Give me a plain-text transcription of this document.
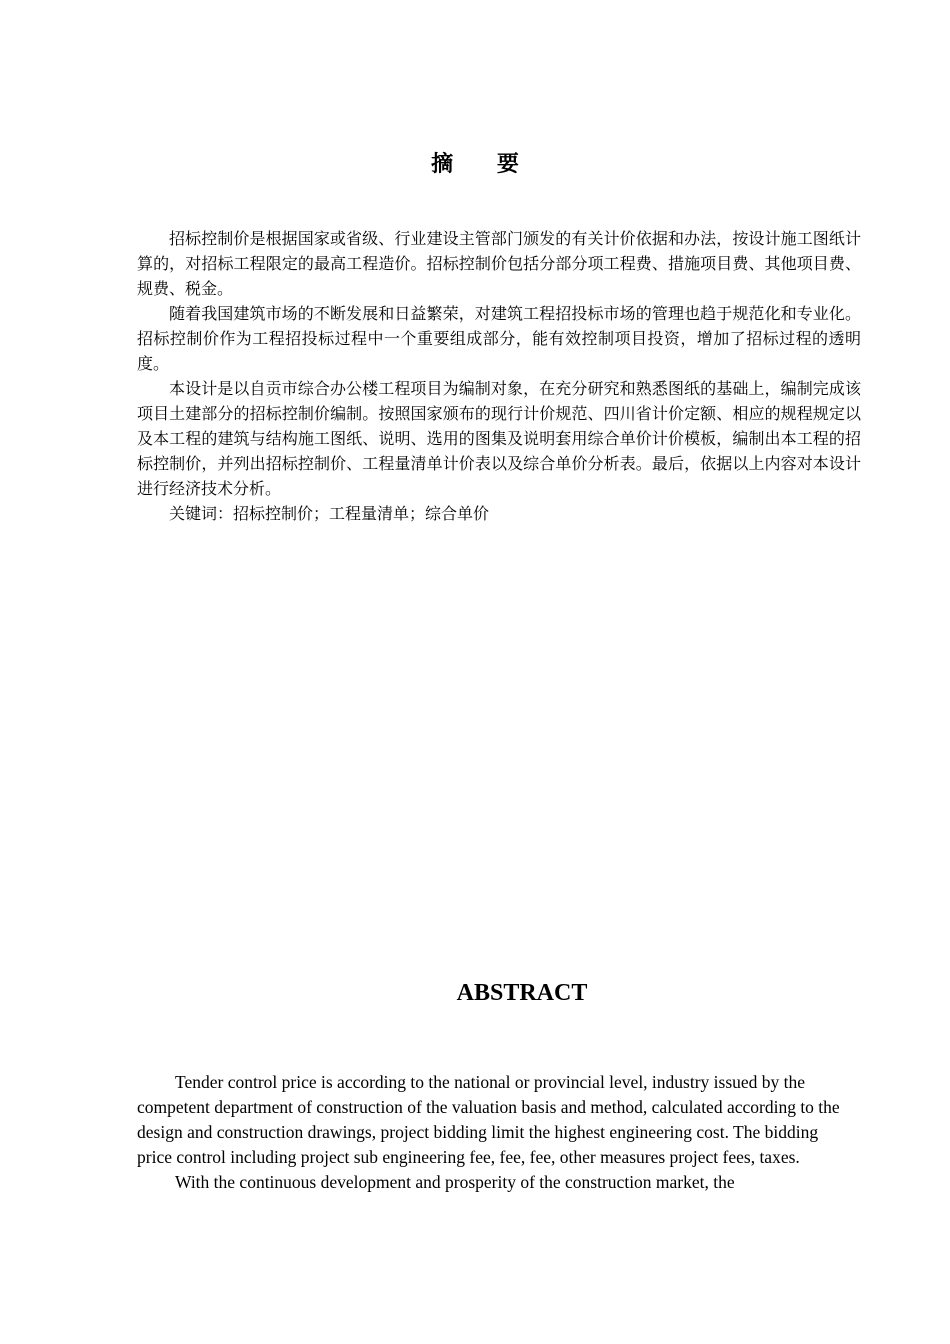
摘 要

招标控制价是根据国家或省级、行业建设主管部门颁发的有关计价依据和办法，按设计施工图纸计算的，对招标工程限定的最高工程造价。招标控制价包括分部分项工程费、措施项目费、其他项目费、规费、税金。

随着我国建筑市场的不断发展和日益繁荣，对建筑工程招投标市场的管理也趋于规范化和专业化。招标控制价作为工程招投标过程中一个重要组成部分，能有效控制项目投资，增加了招标过程的透明度。

本设计是以自贡市综合办公楼工程项目为编制对象，在充分研究和熟悉图纸的基础上，编制完成该项目土建部分的招标控制价编制。按照国家颁布的现行计价规范、四川省计价定额、相应的规程规定以及本工程的建筑与结构施工图纸、说明、选用的图集及说明套用综合单价计价模板，编制出本工程的招标控制价，并列出招标控制价、工程量清单计价表以及综合单价分析表。最后，依据以上内容对本设计进行经济技术分析。

关键词：招标控制价；工程量清单；综合单价

ABSTRACT

Tender control price is according to the national or provincial level, industry issued by the competent department of construction of the valuation basis and method, calculated according to the design and construction drawings, project bidding limit the highest engineering cost. The bidding price control including project sub engineering fee, fee, fee, other measures project fees, taxes.

With the continuous development and prosperity of the construction market, the
